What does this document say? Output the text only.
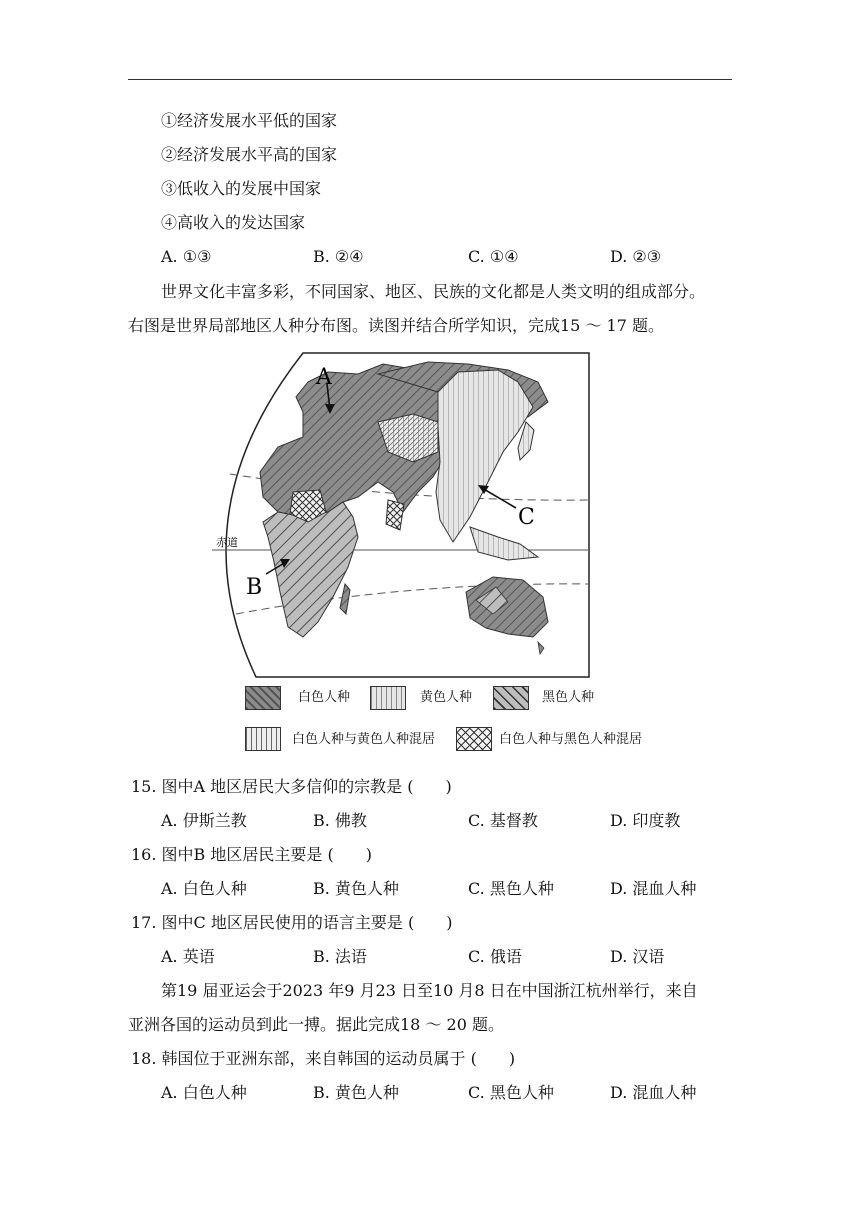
①经济发展水平低的国家
②经济发展水平高的国家
③低收入的发展中国家
④高收入的发达国家
A. ①③	B. ②④	C. ①④	D. ②③
世界文化丰富多彩，不同国家、地区、民族的文化都是人类文明的组成部分。
右图是世界局部地区人种分布图。读图并结合所学知识，完成15 ～ 17 题。
A
B
C
赤道
白色人种	黄色人种	黑色人种
白色人种与黄色人种混居	白色人种与黑色人种混居
15. 图中A 地区居民大多信仰的宗教是 (　　)
A. 伊斯兰教	B. 佛教	C. 基督教	D. 印度教
16. 图中B 地区居民主要是 (　　)
A. 白色人种	B. 黄色人种	C. 黑色人种	D. 混血人种
17. 图中C 地区居民使用的语言主要是 (　　)
A. 英语	B. 法语	C. 俄语	D. 汉语
第19 届亚运会于2023 年9 月23 日至10 月8 日在中国浙江杭州举行，来自
亚洲各国的运动员到此一搏。据此完成18 ～ 20 题。
18. 韩国位于亚洲东部，来自韩国的运动员属于 (　　)
A. 白色人种	B. 黄色人种	C. 黑色人种	D. 混血人种
